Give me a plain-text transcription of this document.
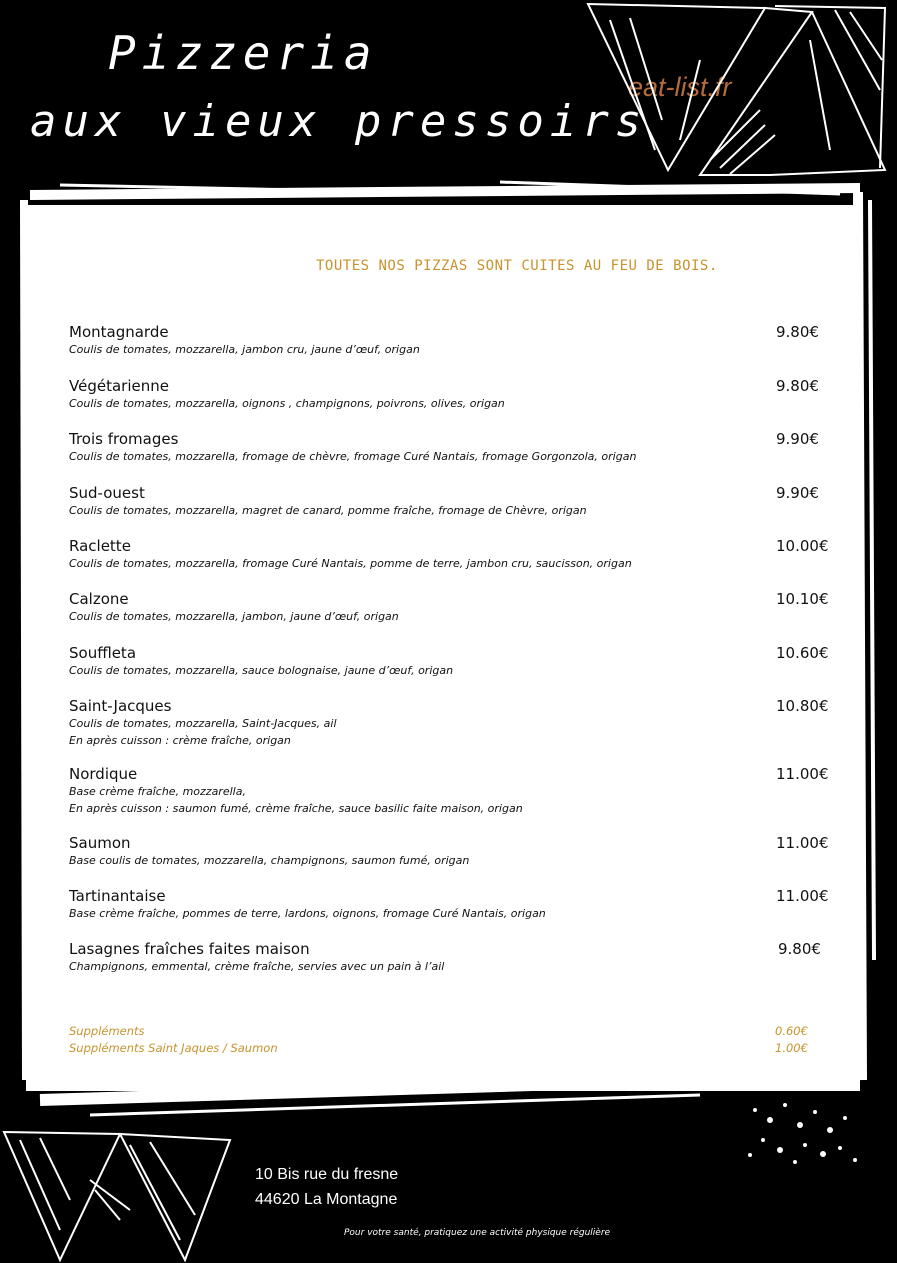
Pizzeria
aux vieux pressoirs
eat-list.fr
TOUTES NOS PIZZAS SONT CUITES AU FEU DE BOIS.
Montagnarde
Coulis de tomates, mozzarella, jambon cru, jaune d’œuf, origan
9.80€
Végétarienne
Coulis de tomates, mozzarella, oignons , champignons, poivrons, olives, origan
9.80€
Trois fromages
Coulis de tomates, mozzarella, fromage de chèvre, fromage Curé Nantais, fromage Gorgonzola, origan
9.90€
Sud-ouest
Coulis de tomates, mozzarella, magret de canard, pomme fraîche, fromage de Chèvre, origan
9.90€
Raclette
Coulis de tomates, mozzarella, fromage Curé Nantais, pomme de terre, jambon cru, saucisson, origan
10.00€
Calzone
Coulis de tomates, mozzarella, jambon, jaune d’œuf, origan
10.10€
Souffleta
Coulis de tomates, mozzarella, sauce bolognaise, jaune d’œuf, origan
10.60€
Saint-Jacques
Coulis de tomates, mozzarella, Saint-Jacques, ail
En après cuisson : crème fraîche, origan
10.80€
Nordique
Base crème fraîche, mozzarella,
En après cuisson : saumon fumé, crème fraîche, sauce basilic faite maison, origan
11.00€
Saumon
Base coulis de tomates, mozzarella, champignons, saumon fumé, origan
11.00€
Tartinantaise
Base crème fraîche, pommes de terre, lardons, oignons, fromage Curé Nantais, origan
11.00€
Lasagnes fraîches faites maison
Champignons, emmental, crème fraîche, servies avec un pain à l’ail
9.80€
Suppléments	0.60€
Suppléments Saint Jaques / Saumon	1.00€
10 Bis rue du fresne
44620 La Montagne
Pour votre santé, pratiquez une activité physique régulière
